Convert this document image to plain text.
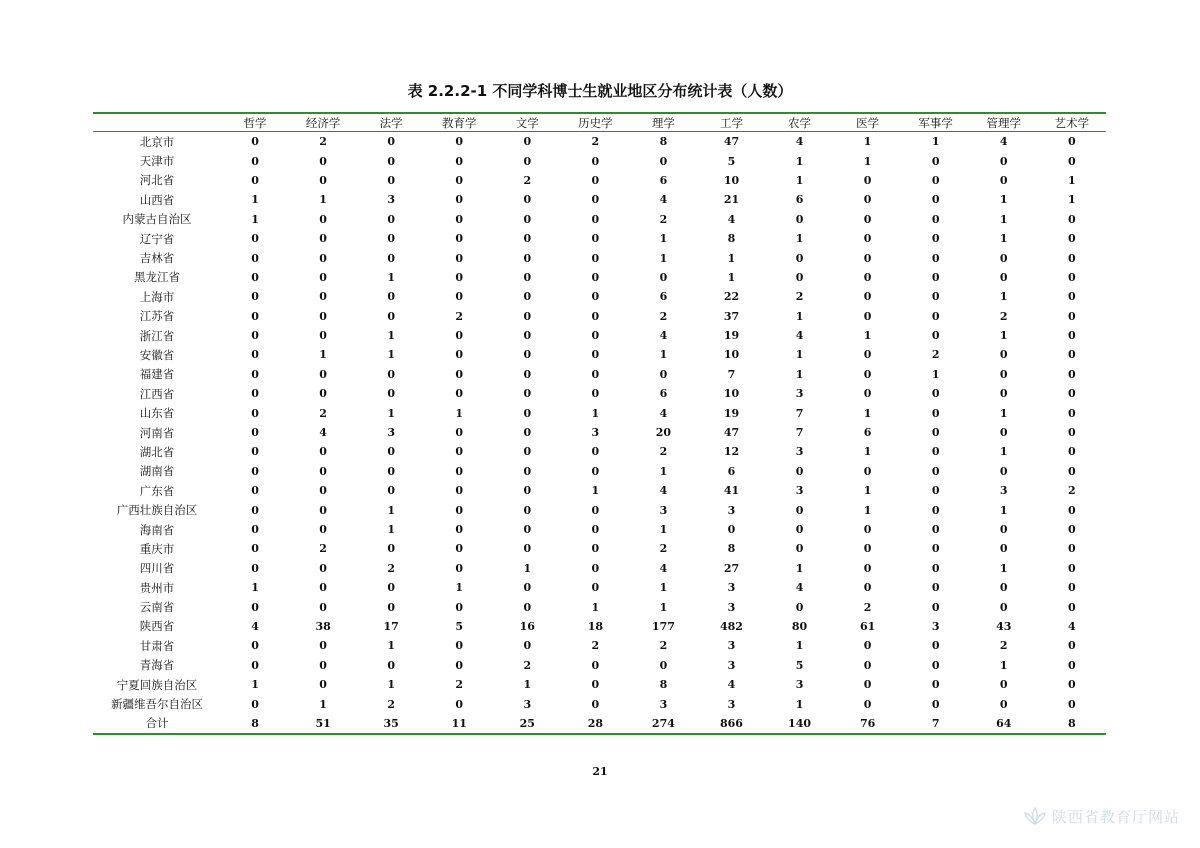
表 2.2.2-1 不同学科博士生就业地区分布统计表（人数）
	哲学	经济学	法学	教育学	文学	历史学	理学	工学	农学	医学	军事学	管理学	艺术学
北京市	0	2	0	0	0	2	8	47	4	1	1	4	0
天津市	0	0	0	0	0	0	0	5	1	1	0	0	0
河北省	0	0	0	0	2	0	6	10	1	0	0	0	1
山西省	1	1	3	0	0	0	4	21	6	0	0	1	1
内蒙古自治区	1	0	0	0	0	0	2	4	0	0	0	1	0
辽宁省	0	0	0	0	0	0	1	8	1	0	0	1	0
吉林省	0	0	0	0	0	0	1	1	0	0	0	0	0
黑龙江省	0	0	1	0	0	0	0	1	0	0	0	0	0
上海市	0	0	0	0	0	0	6	22	2	0	0	1	0
江苏省	0	0	0	2	0	0	2	37	1	0	0	2	0
浙江省	0	0	1	0	0	0	4	19	4	1	0	1	0
安徽省	0	1	1	0	0	0	1	10	1	0	2	0	0
福建省	0	0	0	0	0	0	0	7	1	0	1	0	0
江西省	0	0	0	0	0	0	6	10	3	0	0	0	0
山东省	0	2	1	1	0	1	4	19	7	1	0	1	0
河南省	0	4	3	0	0	3	20	47	7	6	0	0	0
湖北省	0	0	0	0	0	0	2	12	3	1	0	1	0
湖南省	0	0	0	0	0	0	1	6	0	0	0	0	0
广东省	0	0	0	0	0	1	4	41	3	1	0	3	2
广西壮族自治区	0	0	1	0	0	0	3	3	0	1	0	1	0
海南省	0	0	1	0	0	0	1	0	0	0	0	0	0
重庆市	0	2	0	0	0	0	2	8	0	0	0	0	0
四川省	0	0	2	0	1	0	4	27	1	0	0	1	0
贵州市	1	0	0	1	0	0	1	3	4	0	0	0	0
云南省	0	0	0	0	0	1	1	3	0	2	0	0	0
陕西省	4	38	17	5	16	18	177	482	80	61	3	43	4
甘肃省	0	0	1	0	0	2	2	3	1	0	0	2	0
青海省	0	0	0	0	2	0	0	3	5	0	0	1	0
宁夏回族自治区	1	0	1	2	1	0	8	4	3	0	0	0	0
新疆维吾尔自治区	0	1	2	0	3	0	3	3	1	0	0	0	0
合计	8	51	35	11	25	28	274	866	140	76	7	64	8
21
陕西省教育厅网站
